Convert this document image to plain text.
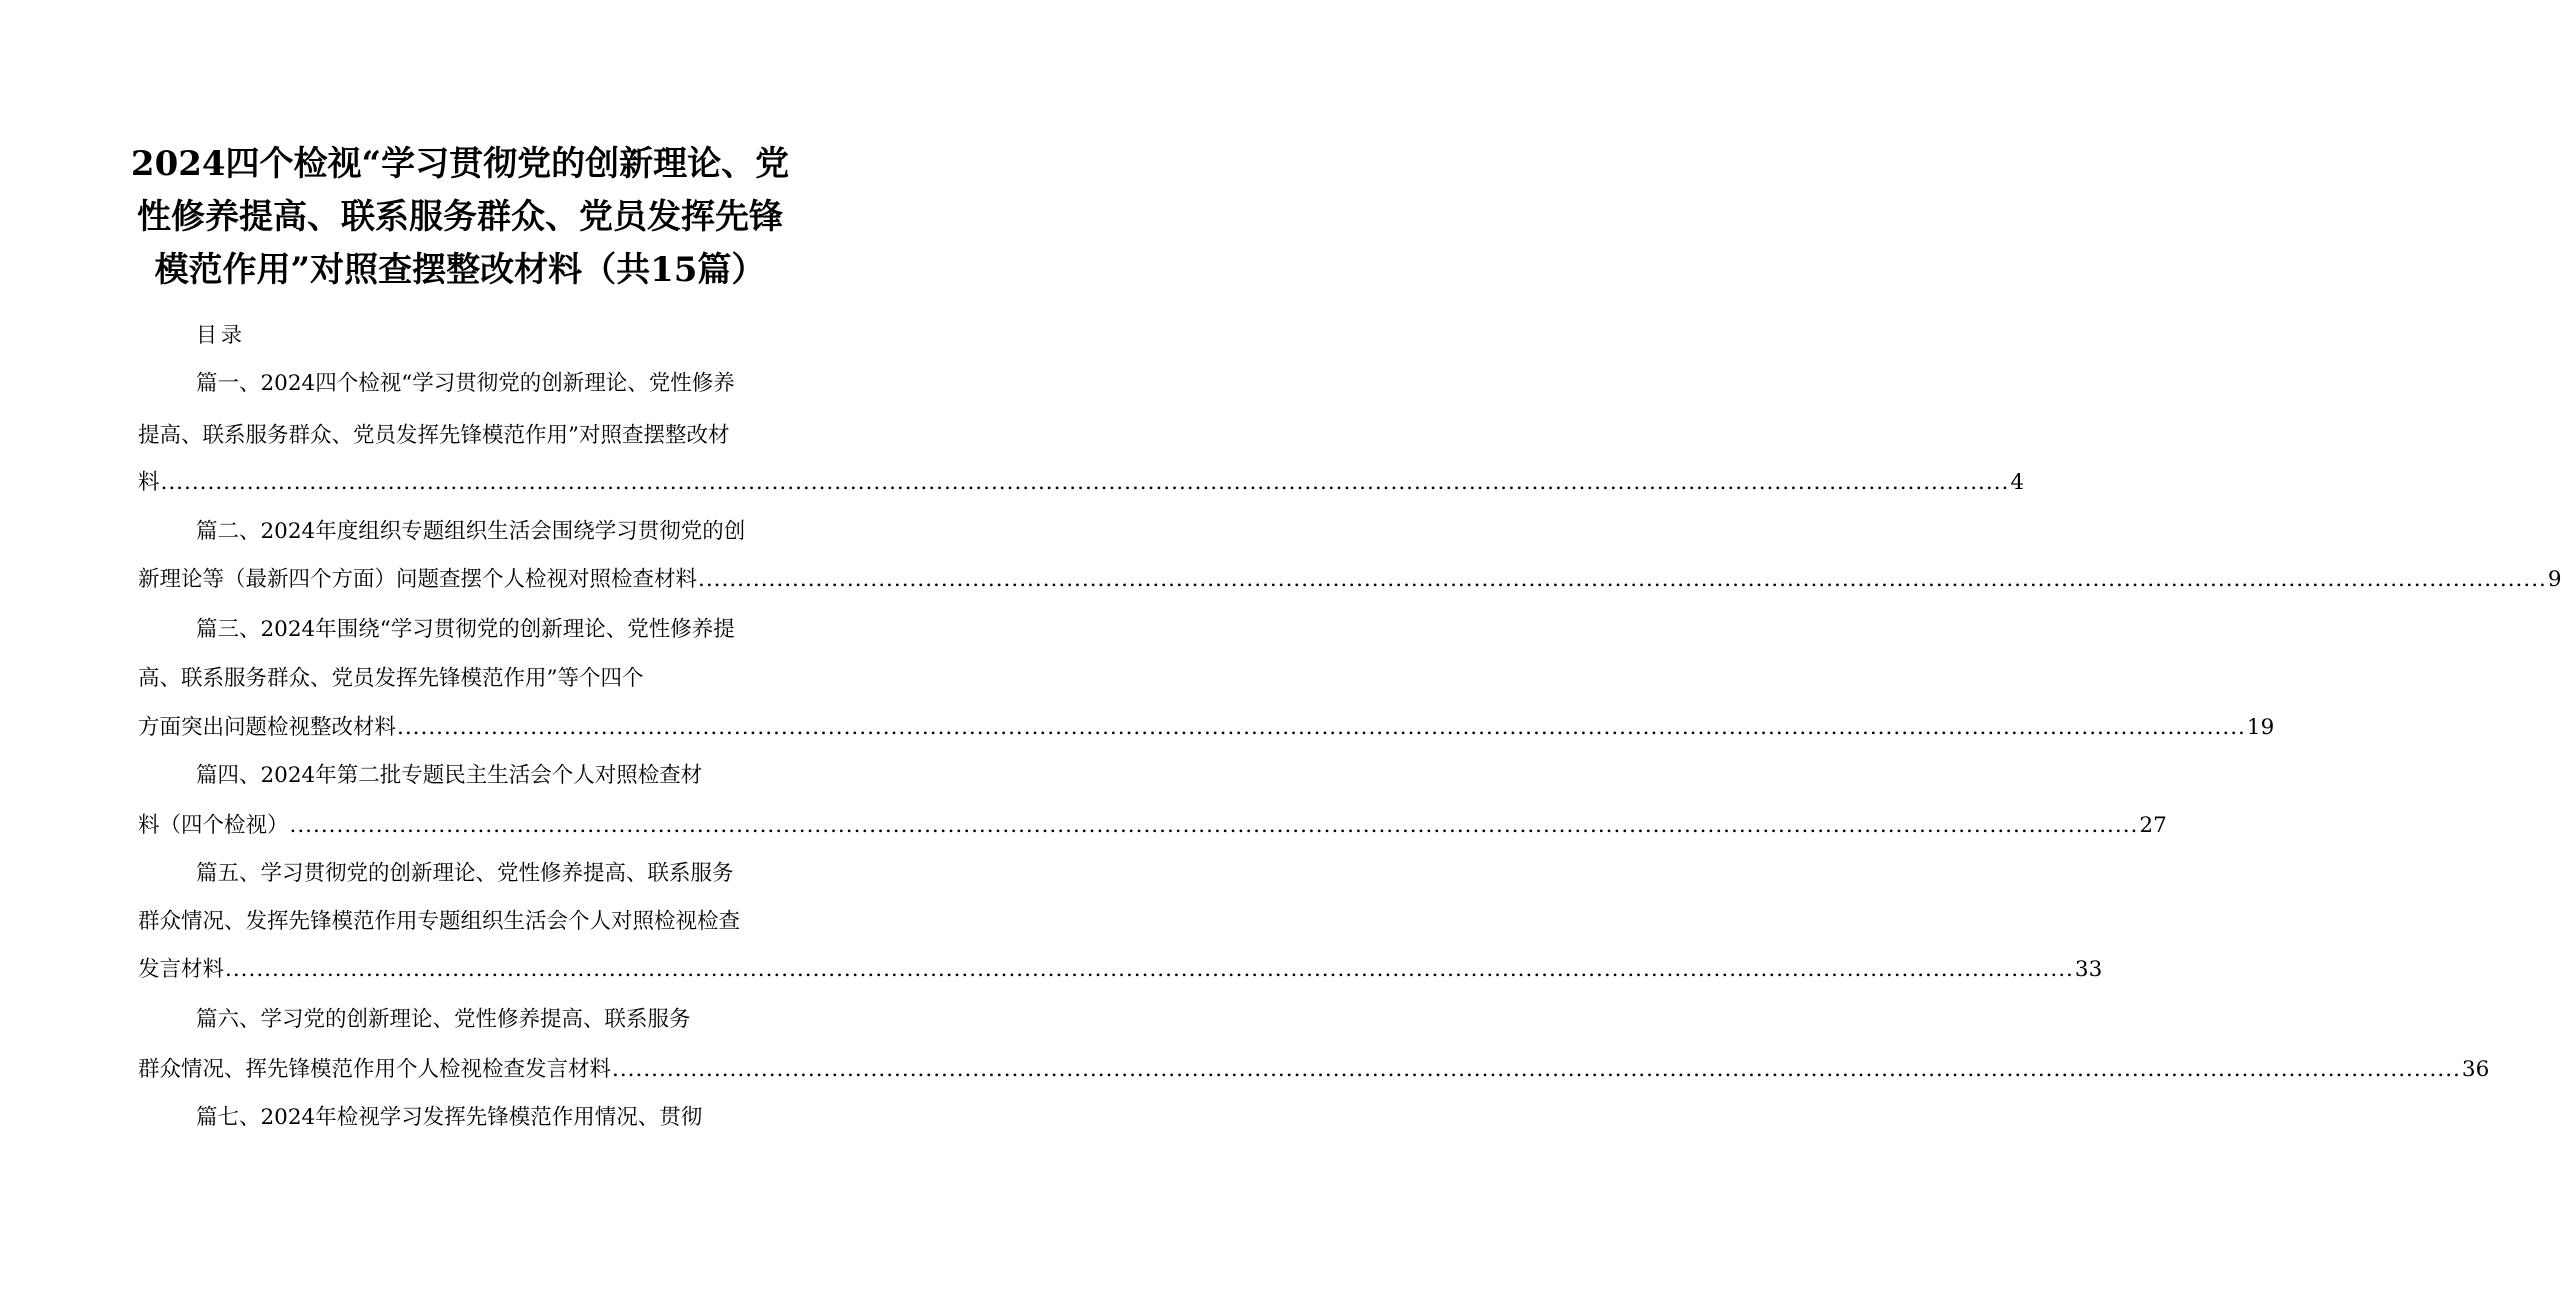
2024四个检视“学习贯彻党的创新理论、党性修养提高、联系服务群众、党员发挥先锋模范作用”对照查摆整改材料（共15篇）
目录
篇一、2024四个检视“学习贯彻党的创新理论、党性修养
提高、联系服务群众、党员发挥先锋模范作用”对照查摆整改材
料 ............................................................................................................................................................................................................................................ 4
篇二、2024年度组织专题组织生活会围绕学习贯彻党的创
新理论等（最新四个方面）问题查摆个人检视对照检查材料 ............................................................................................................................................................................................................................................ 9
篇三、2024年围绕“学习贯彻党的创新理论、党性修养提
高、联系服务群众、党员发挥先锋模范作用”等个四个
方面突出问题检视整改材料 ............................................................................................................................................................................................................................................ 19
篇四、2024年第二批专题民主生活会个人对照检查材
料（四个检视） ............................................................................................................................................................................................................................................ 27
篇五、学习贯彻党的创新理论、党性修养提高、联系服务
群众情况、发挥先锋模范作用专题组织生活会个人对照检视检查
发言材料 ............................................................................................................................................................................................................................................ 33
篇六、学习党的创新理论、党性修养提高、联系服务
群众情况、挥先锋模范作用个人检视检查发言材料 ............................................................................................................................................................................................................................................ 36
篇七、2024年检视学习发挥先锋模范作用情况、贯彻
